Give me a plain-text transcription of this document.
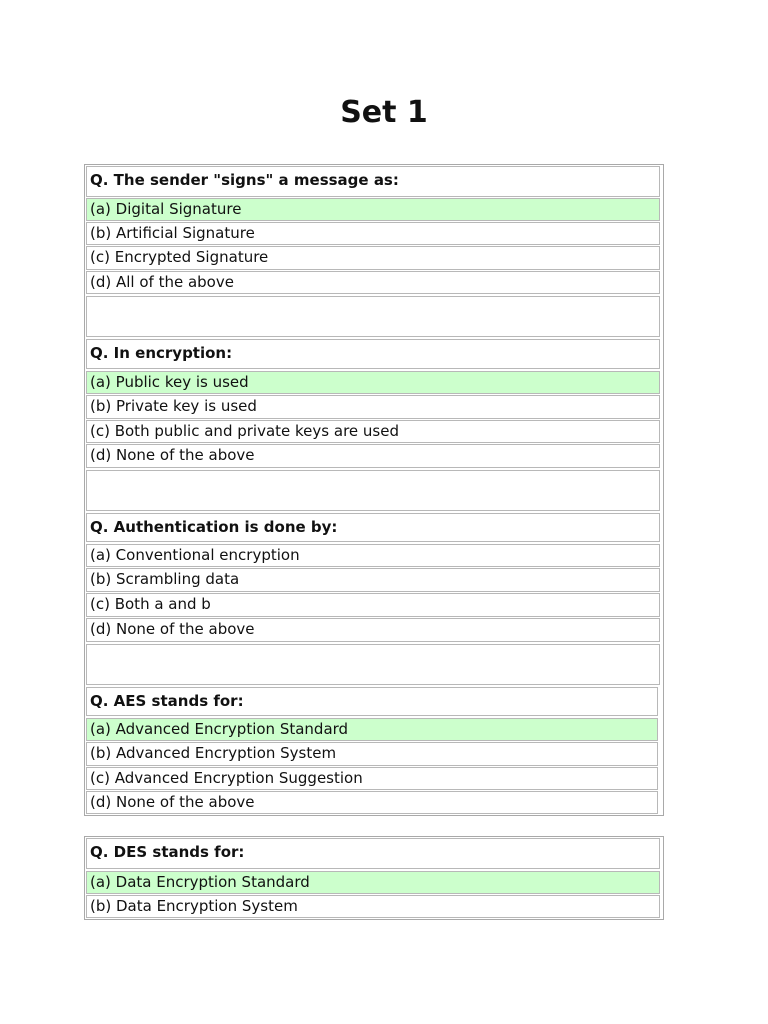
Set 1
Q. The sender "signs" a message as:
(a) Digital Signature
(b) Artificial Signature
(c) Encrypted Signature
(d) All of the above
Q. In encryption:
(a) Public key is used
(b) Private key is used
(c) Both public and private keys are used
(d) None of the above
Q. Authentication is done by:
(a) Conventional encryption
(b) Scrambling data
(c) Both a and b
(d) None of the above
Q. AES stands for:
(a) Advanced Encryption Standard
(b) Advanced Encryption System
(c) Advanced Encryption Suggestion
(d) None of the above
Q. DES stands for:
(a) Data Encryption Standard
(b) Data Encryption System
